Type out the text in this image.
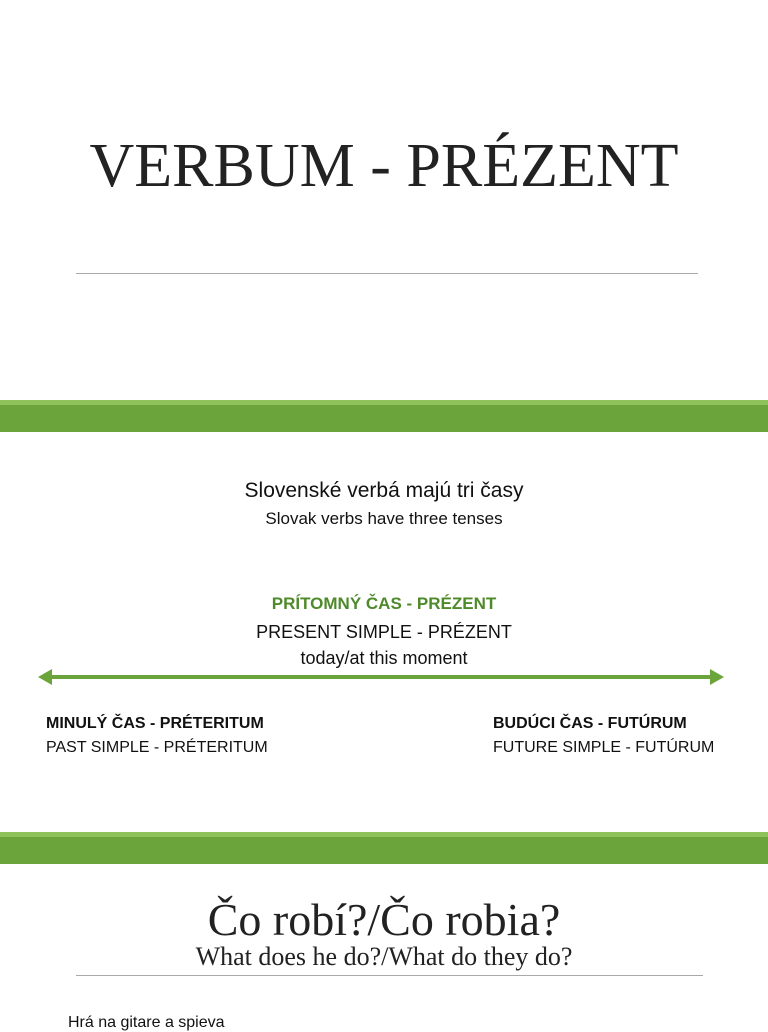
VERBUM - PRÉZENT
Slovenské verbá majú tri časy
Slovak verbs have three tenses
PRÍTOMNÝ ČAS - PRÉZENT
PRESENT SIMPLE - PRÉZENT
today/at this moment
MINULÝ ČAS - PRÉTERITUM
PAST SIMPLE - PRÉTERITUM
BUDÚCI ČAS - FUTÚRUM
FUTURE SIMPLE - FUTÚRUM
Čo robí?/Čo robia?
What does he do?/What do they do?
Hrá na gitare a spieva
